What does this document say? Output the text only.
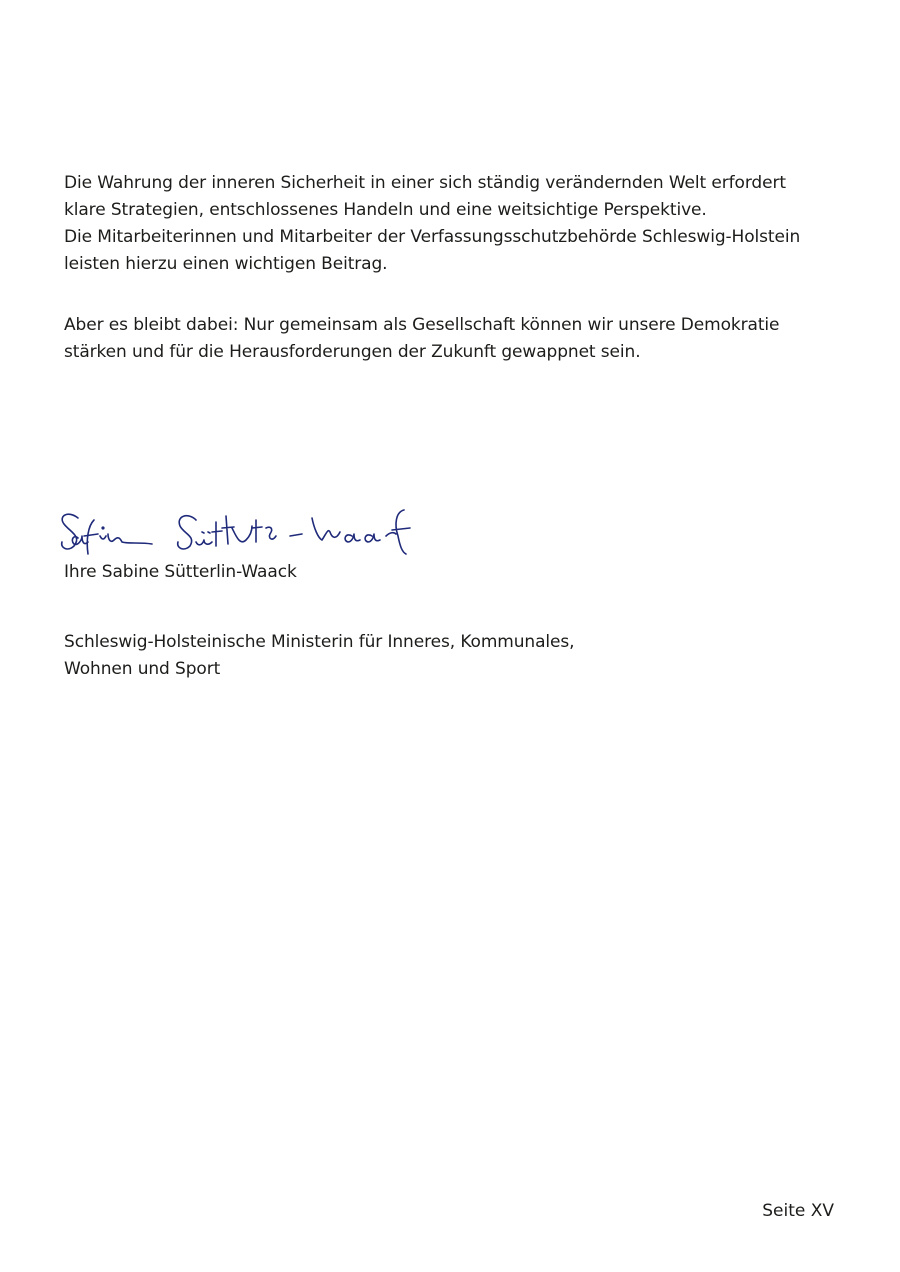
Die Wahrung der inneren Sicherheit in einer sich ständig verändernden Welt erfordert
klare Strategien, entschlossenes Handeln und eine weitsichtige Perspektive.
Die Mitarbeiterinnen und Mitarbeiter der Verfassungsschutzbehörde Schleswig-Holstein
leisten hierzu einen wichtigen Beitrag.
Aber es bleibt dabei: Nur gemeinsam als Gesellschaft können wir unsere Demokratie
stärken und für die Herausforderungen der Zukunft gewappnet sein.
Ihre Sabine Sütterlin-Waack
Schleswig-Holsteinische Ministerin für Inneres, Kommunales,
Wohnen und Sport
Seite XV
